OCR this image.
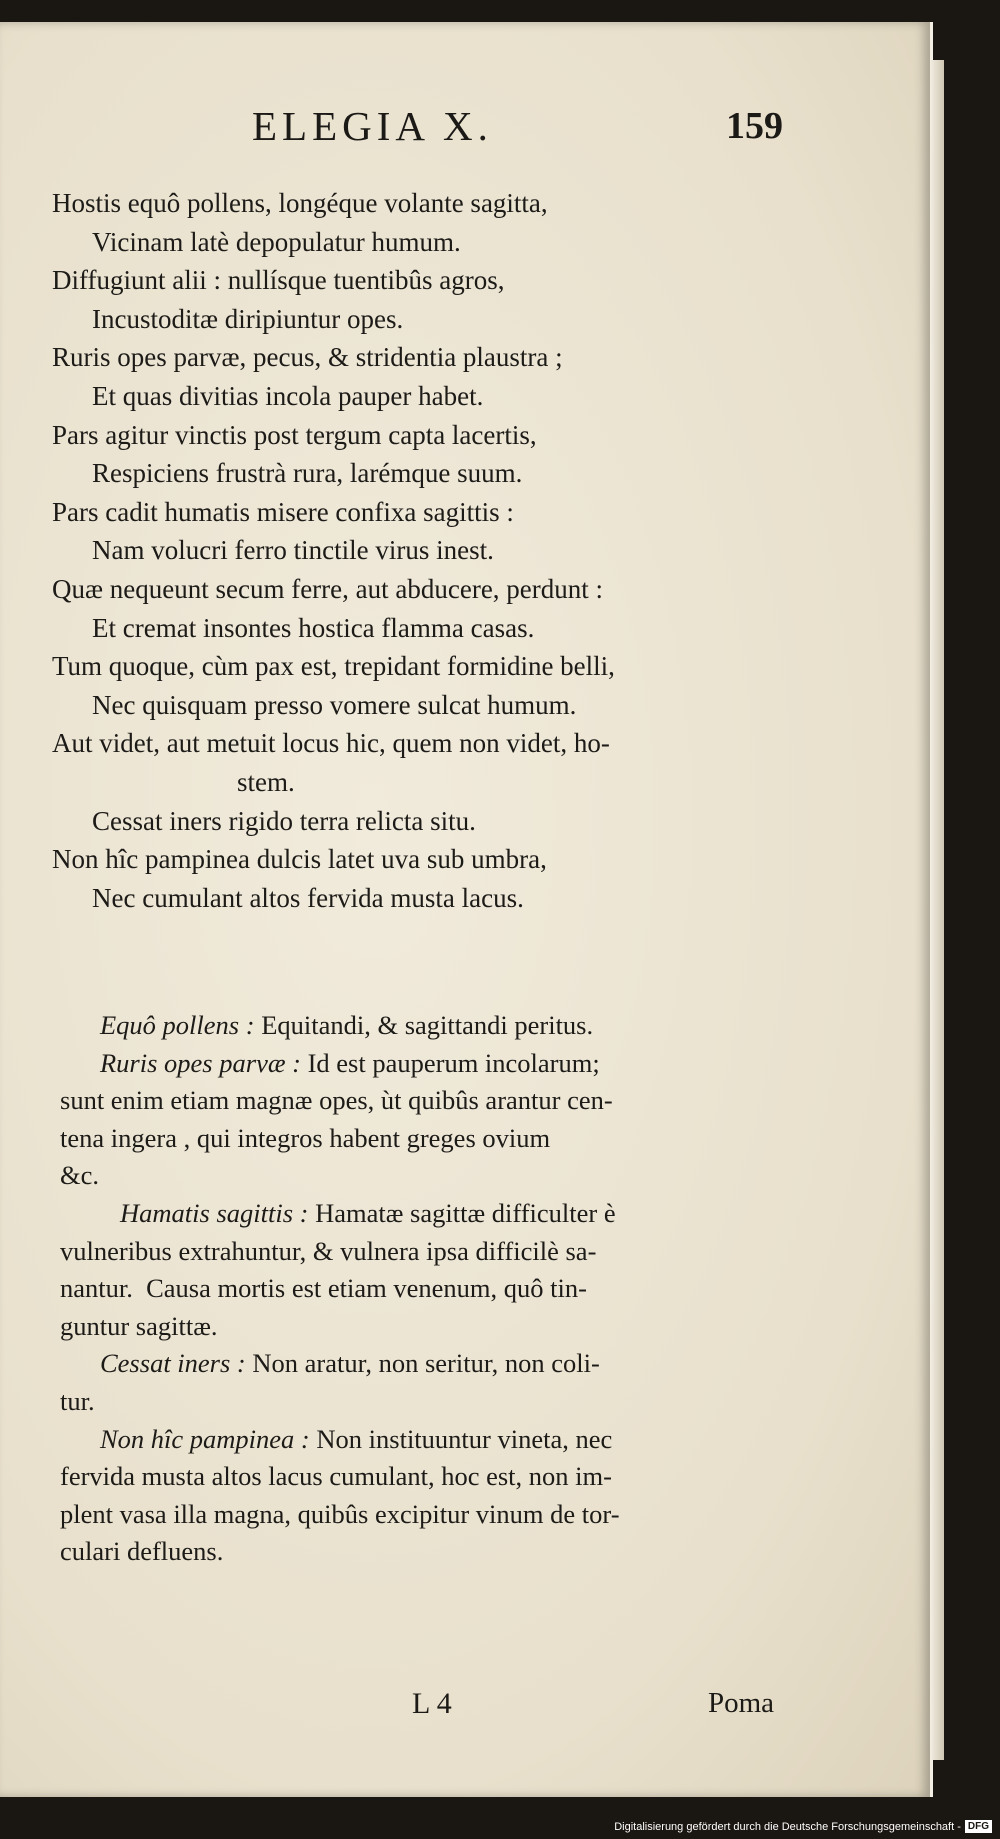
ELEGIA X.	159
Hostis equô pollens, longéque volante sagitta,
Vicinam latè depopulatur humum.
Diffugiunt alii : nullísque tuentibûs agros,
Incustoditæ diripiuntur opes.
Ruris opes parvæ, pecus, & stridentia plaustra ;
Et quas divitias incola pauper habet.
Pars agitur vinctis post tergum capta lacertis,
Respiciens frustrà rura, larémque suum.
Pars cadit humatis misere confixa sagittis :
Nam volucri ferro tinctile virus inest.
Quæ nequeunt secum ferre, aut abducere, perdunt :
Et cremat insontes hostica flamma casas.
Tum quoque, cùm pax est, trepidant formidine belli,
Nec quisquam presso vomere sulcat humum.
Aut videt, aut metuit locus hic, quem non videt, ho-
stem.
Cessat iners rigido terra relicta situ.
Non hîc pampinea dulcis latet uva sub umbra,
Nec cumulant altos fervida musta lacus.
Equô pollens : Equitandi, & sagittandi peritus.
Ruris opes parvæ : Id est pauperum incolarum;
sunt enim etiam magnæ opes, ùt quibûs arantur cen-
tena ingera , qui integros habent greges ovium
&c.
Hamatis sagittis : Hamatæ sagittæ difficulter è
vulneribus extrahuntur, & vulnera ipsa difficilè sa-
nantur.  Causa mortis est etiam venenum, quô tin-
guntur sagittæ.
Cessat iners : Non aratur, non seritur, non coli-
tur.
Non hîc pampinea : Non instituuntur vineta, nec
fervida musta altos lacus cumulant, hoc est, non im-
plent vasa illa magna, quibûs excipitur vinum de tor-
culari defluens.
L 4	Poma
Digitalisierung gefördert durch die Deutsche Forschungsgemeinschaft - DFG
